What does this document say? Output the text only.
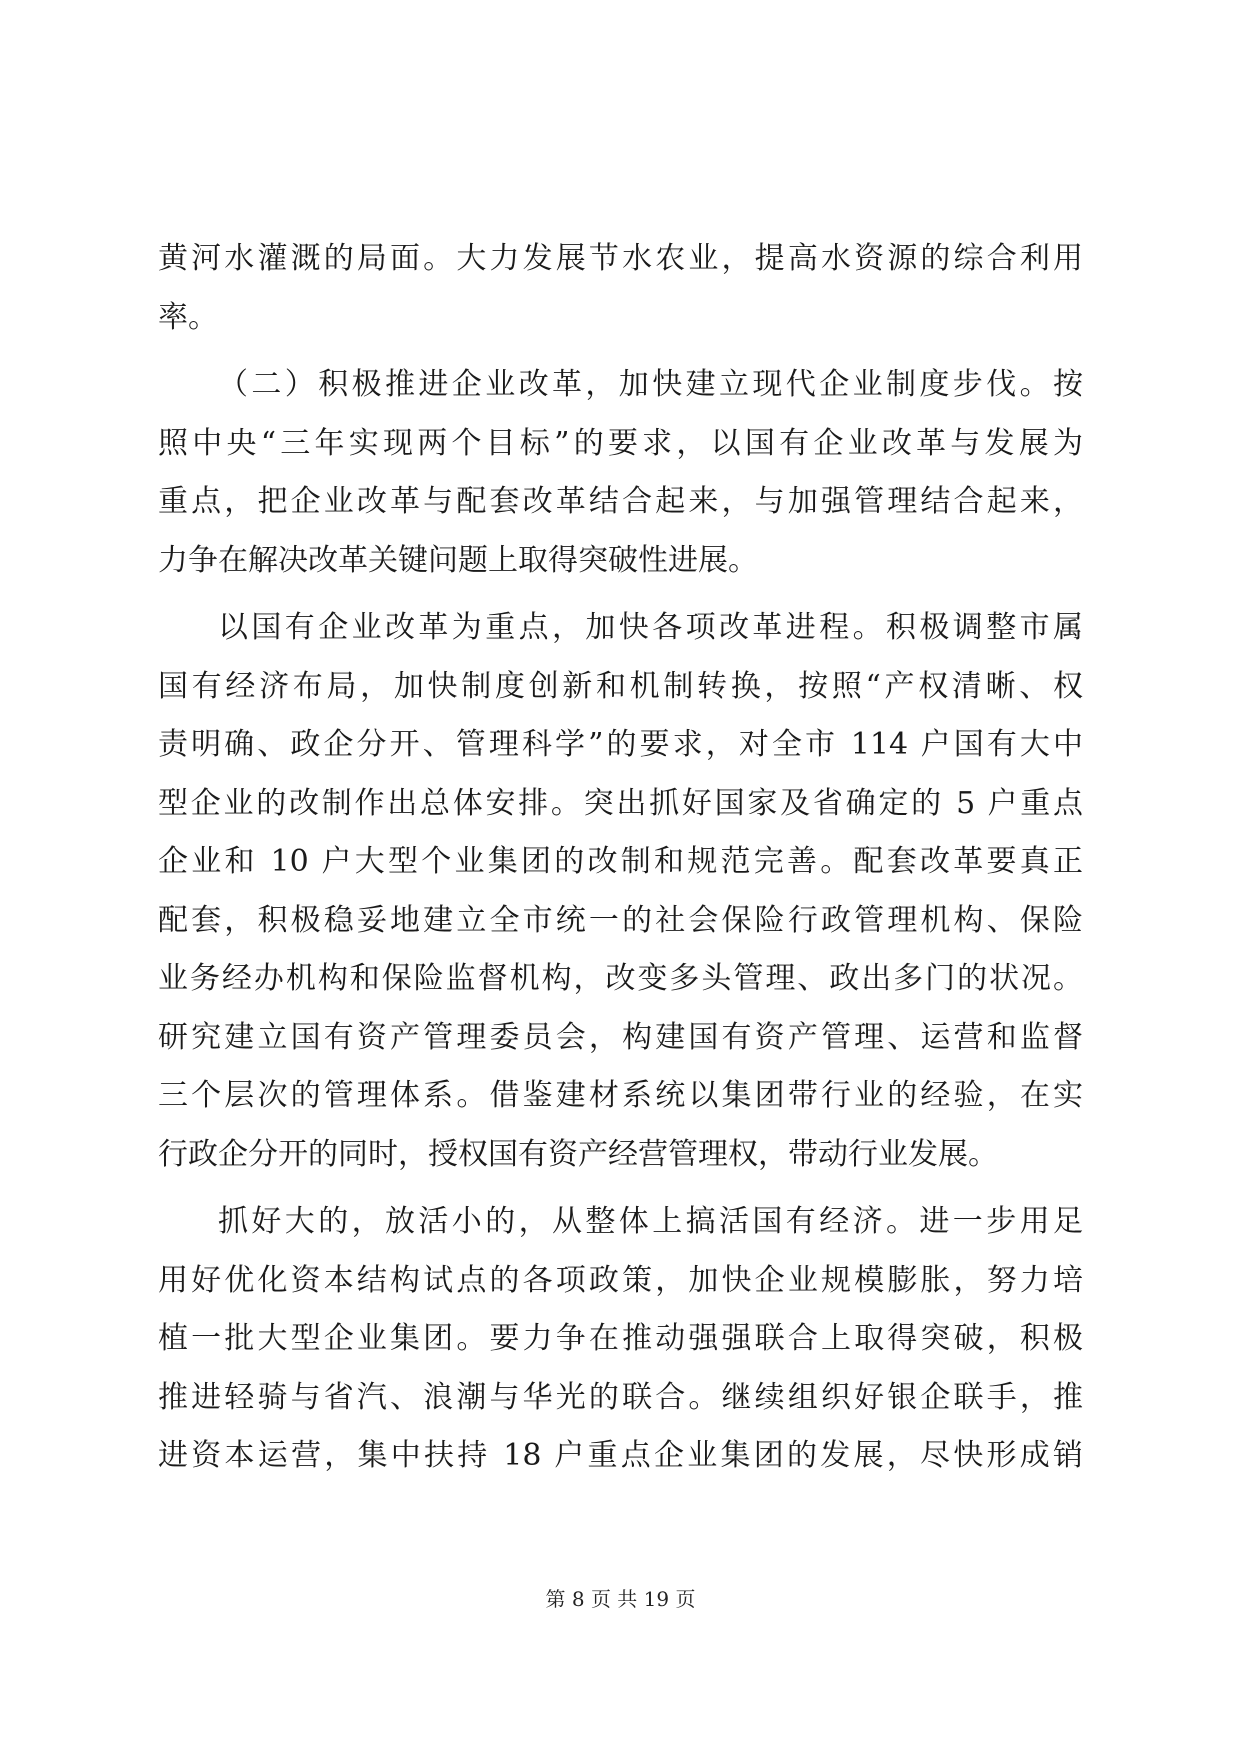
黄河水灌溉的局面。大力发展节水农业，提高水资源的综合利用
率。
（二）积极推进企业改革，加快建立现代企业制度步伐。按
照中央“三年实现两个目标”的要求，以国有企业改革与发展为
重点，把企业改革与配套改革结合起来，与加强管理结合起来，
力争在解决改革关键问题上取得突破性进展。
以国有企业改革为重点，加快各项改革进程。积极调整市属
国有经济布局，加快制度创新和机制转换，按照“产权清晰、权
责明确、政企分开、管理科学”的要求，对全市 114 户国有大中
型企业的改制作出总体安排。突出抓好国家及省确定的 5 户重点
企业和 10 户大型个业集团的改制和规范完善。配套改革要真正
配套，积极稳妥地建立全市统一的社会保险行政管理机构、保险
业务经办机构和保险监督机构，改变多头管理、政出多门的状况。
研究建立国有资产管理委员会，构建国有资产管理、运营和监督
三个层次的管理体系。借鉴建材系统以集团带行业的经验，在实
行政企分开的同时，授权国有资产经营管理权，带动行业发展。
抓好大的，放活小的，从整体上搞活国有经济。进一步用足
用好优化资本结构试点的各项政策，加快企业规模膨胀，努力培
植一批大型企业集团。要力争在推动强强联合上取得突破，积极
推进轻骑与省汽、浪潮与华光的联合。继续组织好银企联手，推
进资本运营，集中扶持 18 户重点企业集团的发展，尽快形成销
第 8 页 共 19 页
